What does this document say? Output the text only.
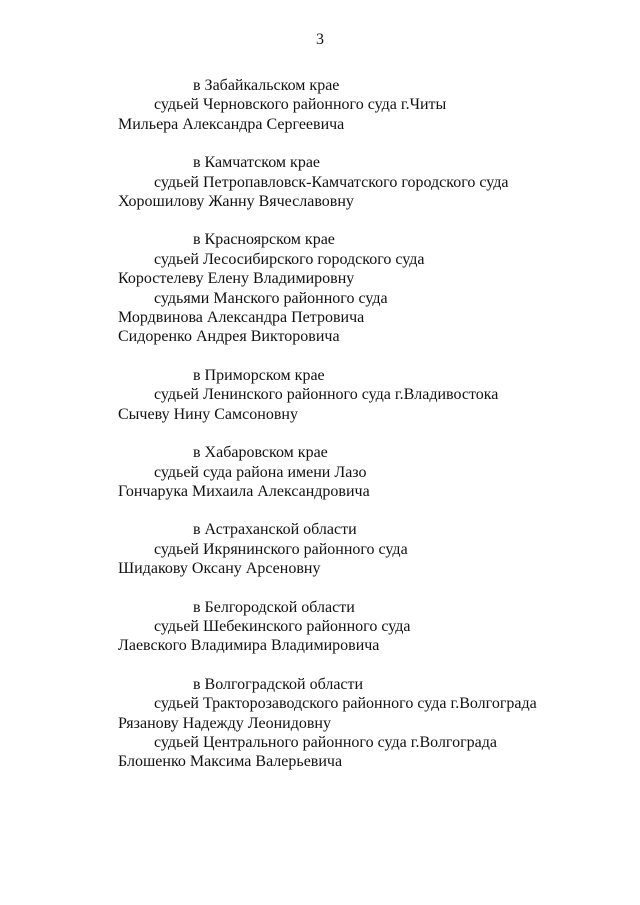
3
в Забайкальском крае
судьей Черновского районного суда г.Читы
Мильера Александра Сергеевича
в Камчатском крае
судьей Петропавловск-Камчатского городского суда
Хорошилову Жанну Вячеславовну
в Красноярском крае
судьей Лесосибирского городского суда
Коростелеву Елену Владимировну
судьями Манского районного суда
Мордвинова Александра Петровича
Сидоренко Андрея Викторовича
в Приморском крае
судьей Ленинского районного суда г.Владивостока
Сычеву Нину Самсоновну
в Хабаровском крае
судьей суда района имени Лазо
Гончарука Михаила Александровича
в Астраханской области
судьей Икрянинского районного суда
Шидакову Оксану Арсеновну
в Белгородской области
судьей Шебекинского районного суда
Лаевского Владимира Владимировича
в Волгоградской области
судьей Тракторозаводского районного суда г.Волгограда
Рязанову Надежду Леонидовну
судьей Центрального районного суда г.Волгограда
Блошенко Максима Валерьевича
